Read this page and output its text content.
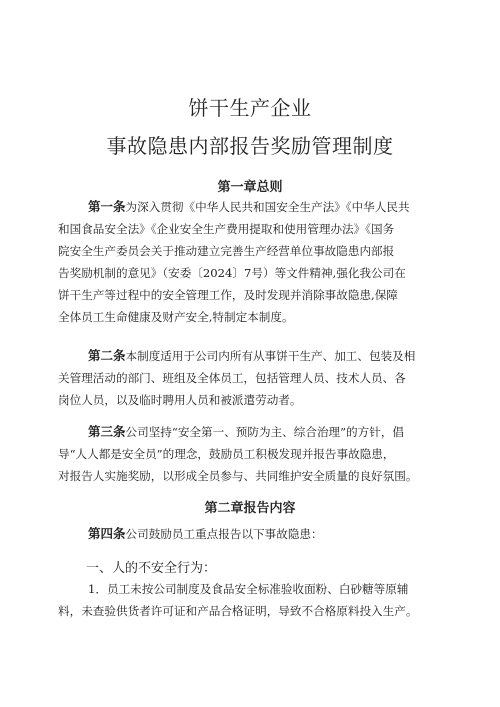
饼干生产企业
事故隐患内部报告奖励管理制度
第一章总则
第一条为深入贯彻《中华人民共和国安全生产法》《中华人民共
和国食品安全法》《企业安全生产费用提取和使用管理办法》《国务
院安全生产委员会关于推动建立完善生产经营单位事故隐患内部报
告奖励机制的意见》（安委〔2024〕7号）等文件精神,强化我公司在
饼干生产等过程中的安全管理工作，及时发现并消除事故隐患,保障
全体员工生命健康及财产安全,特制定本制度。
第二条本制度适用于公司内所有从事饼干生产、加工、包装及相
关管理活动的部门、班组及全体员工，包括管理人员、技术人员、各
岗位人员，以及临时聘用人员和被派遣劳动者。
第三条公司坚持“安全第一、预防为主、综合治理”的方针，倡
导“人人都是安全员”的理念，鼓励员工积极发现并报告事故隐患，
对报告人实施奖励，以形成全员参与、共同维护安全质量的良好氛围。
第二章报告内容
第四条公司鼓励员工重点报告以下事故隐患：
一、人的不安全行为：
1．员工未按公司制度及食品安全标准验收面粉、白砂糖等原辅
料，未查验供货者许可证和产品合格证明，导致不合格原料投入生产。
